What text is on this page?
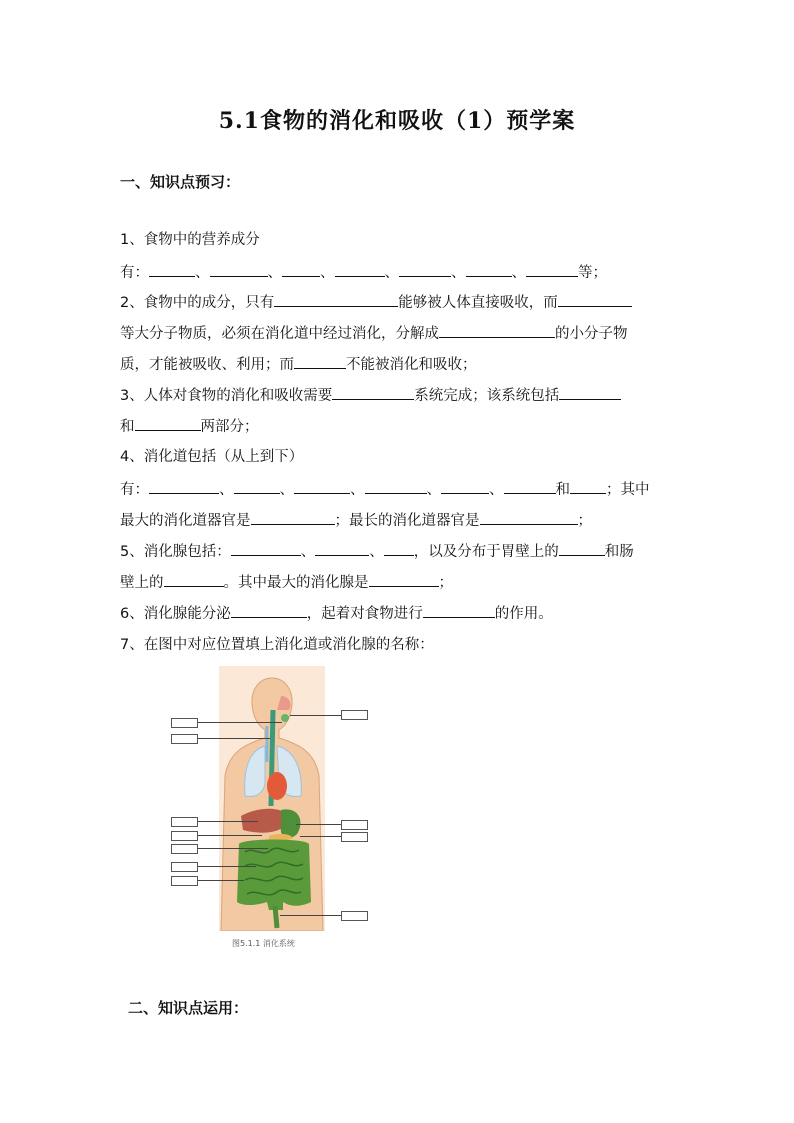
5.1食物的消化和吸收（1）预学案
一、知识点预习：
1、食物中的营养成分
有：	、	、	、	、	、	、	等；
2、食物中的成分，只有	能够被人体直接吸收，而
等大分子物质，必须在消化道中经过消化，分解成	的小分子物
质，才能被吸收、利用；而	不能被消化和吸收；
3、人体对食物的消化和吸收需要	系统完成；该系统包括
和	两部分；
4、消化道包括（从上到下）
有：	、	、	、	、	、	和 ；其中
最大的消化道器官是	；最长的消化道器官是	；
5、消化腺包括：	、	、 ，以及分布于胃壁上的	和肠
壁上的	。其中最大的消化腺是	；
6、消化腺能分泌	，起着对食物进行	的作用。
7、在图中对应位置填上消化道或消化腺的名称：
图5.1.1 消化系统
二、知识点运用：
